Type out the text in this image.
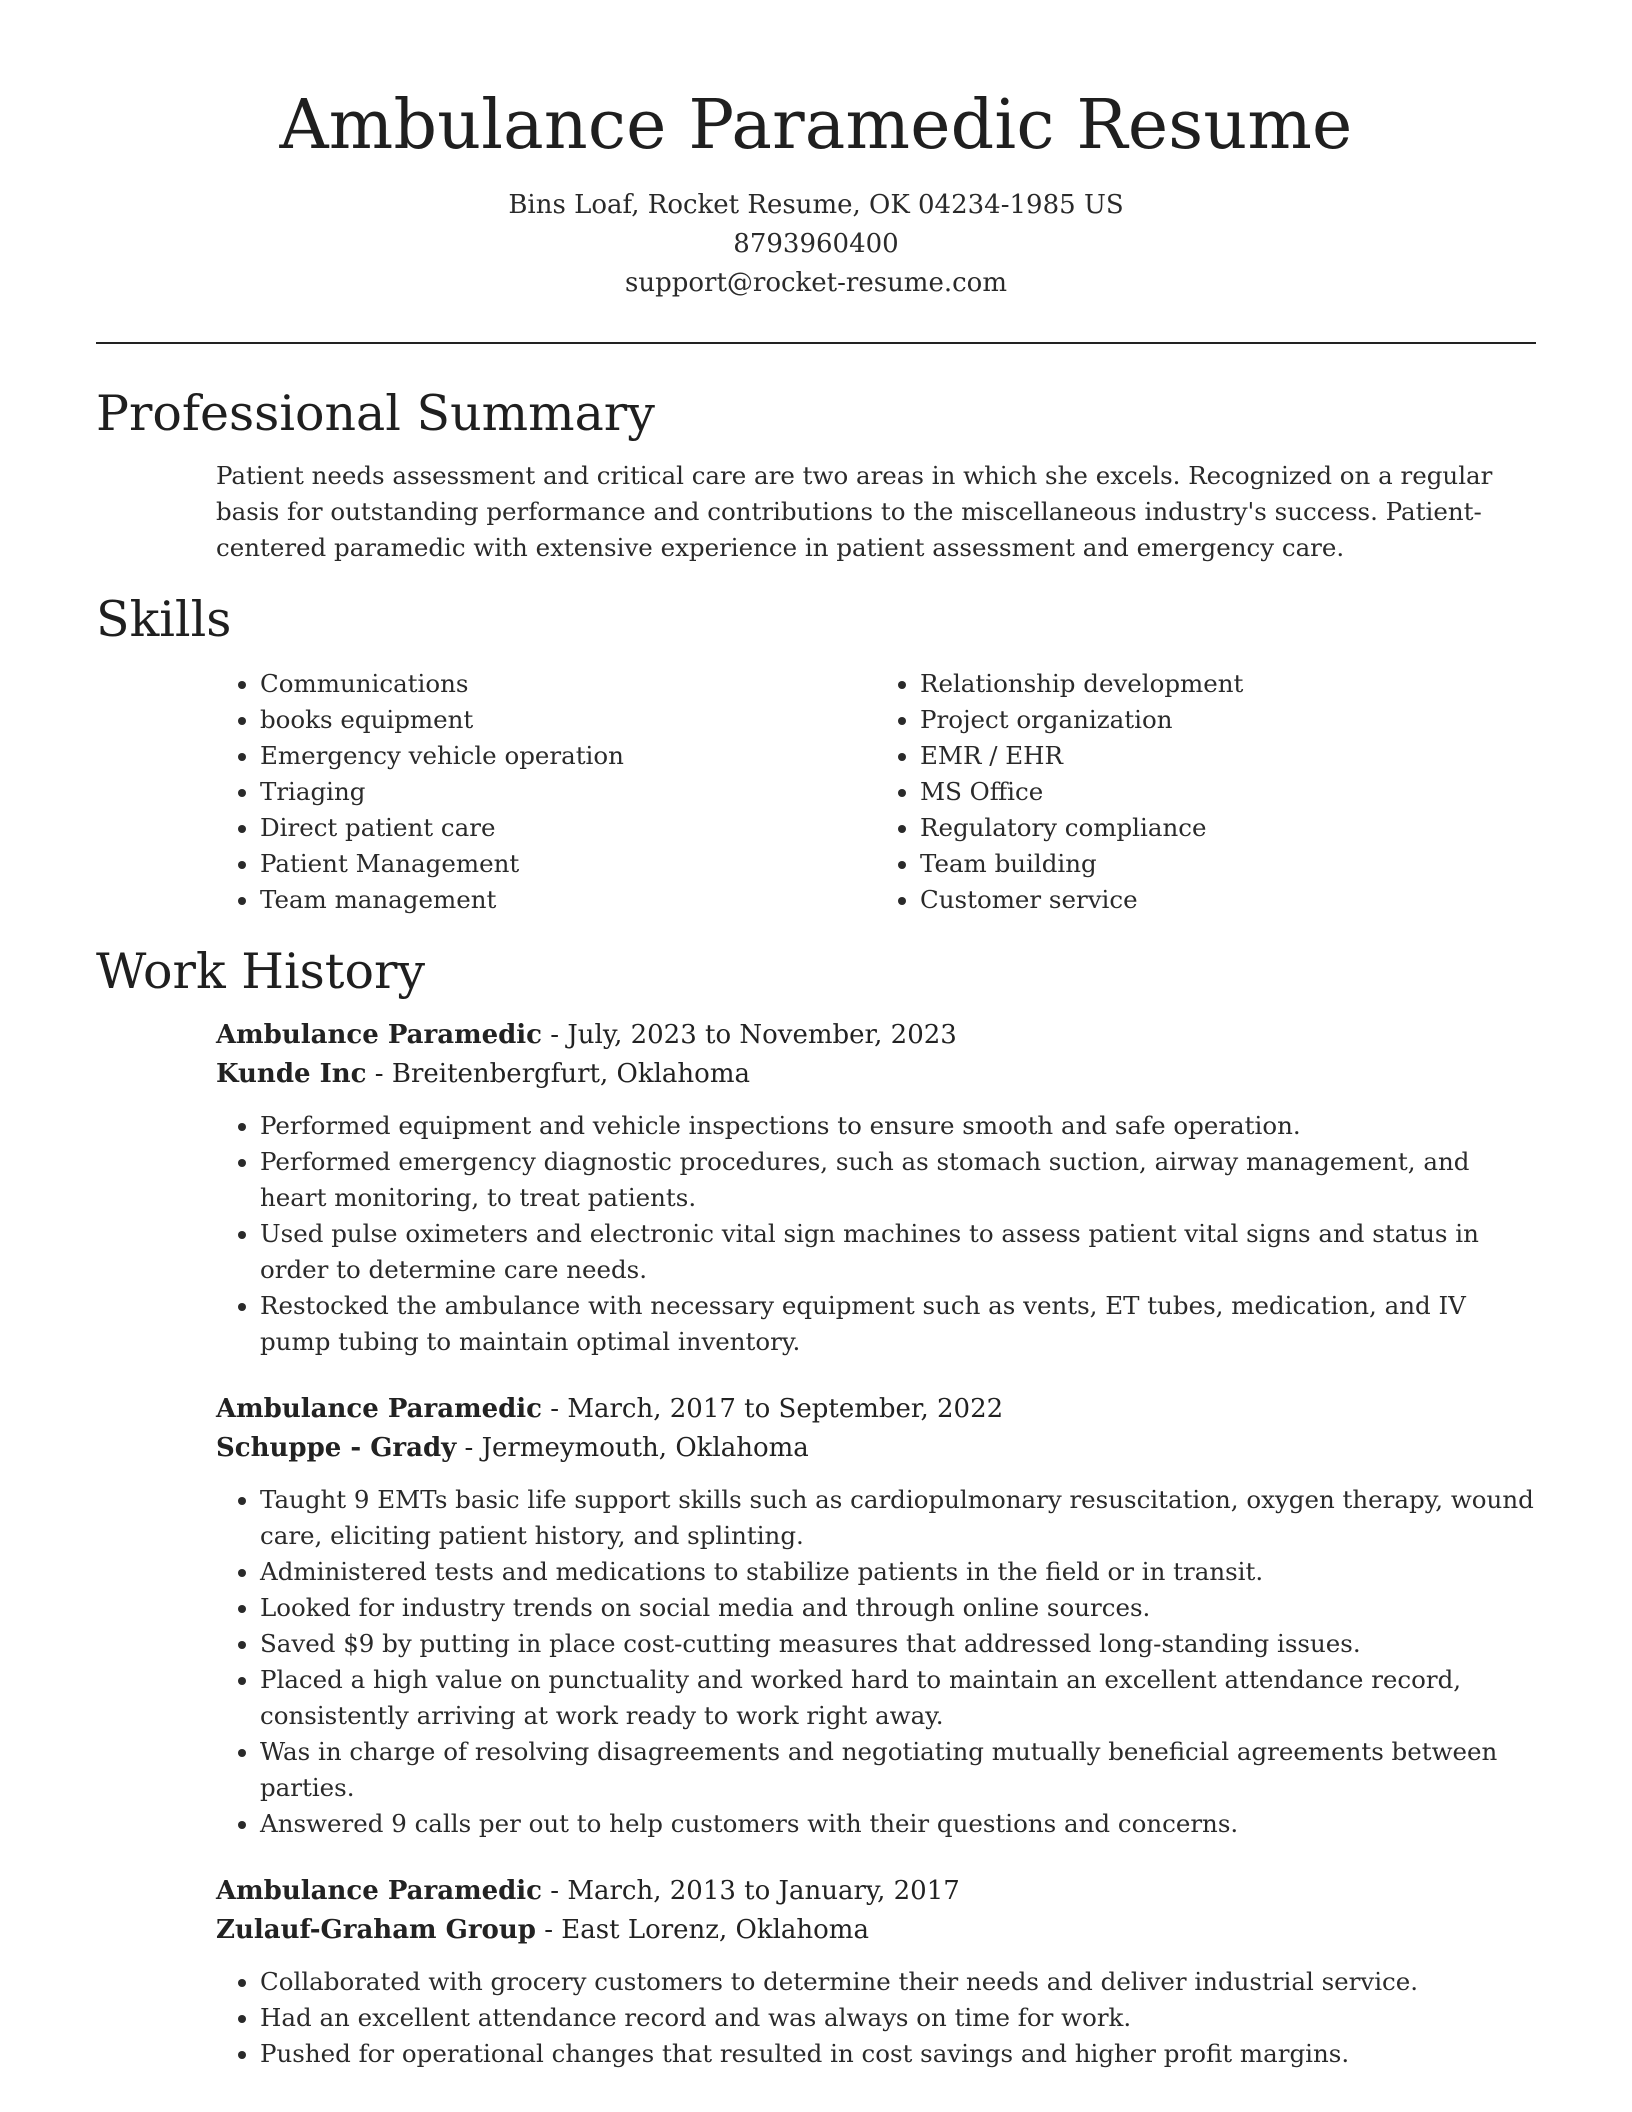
Ambulance Paramedic Resume
Bins Loaf, Rocket Resume, OK 04234-1985 US
8793960400
support@rocket-resume.com
Professional Summary
Patient needs assessment and critical care are two areas in which she excels. Recognized on a regular basis for outstanding performance and contributions to the miscellaneous industry's success. Patient-centered paramedic with extensive experience in patient assessment and emergency care.
Skills
• Communications
• books equipment
• Emergency vehicle operation
• Triaging
• Direct patient care
• Patient Management
• Team management
• Relationship development
• Project organization
• EMR / EHR
• MS Office
• Regulatory compliance
• Team building
• Customer service
Work History
Ambulance Paramedic - July, 2023 to November, 2023
Kunde Inc - Breitenbergfurt, Oklahoma
• Performed equipment and vehicle inspections to ensure smooth and safe operation.
• Performed emergency diagnostic procedures, such as stomach suction, airway management, and heart monitoring, to treat patients.
• Used pulse oximeters and electronic vital sign machines to assess patient vital signs and status in order to determine care needs.
• Restocked the ambulance with necessary equipment such as vents, ET tubes, medication, and IV pump tubing to maintain optimal inventory.
Ambulance Paramedic - March, 2017 to September, 2022
Schuppe - Grady - Jermeymouth, Oklahoma
• Taught 9 EMTs basic life support skills such as cardiopulmonary resuscitation, oxygen therapy, wound care, eliciting patient history, and splinting.
• Administered tests and medications to stabilize patients in the field or in transit.
• Looked for industry trends on social media and through online sources.
• Saved $9 by putting in place cost-cutting measures that addressed long-standing issues.
• Placed a high value on punctuality and worked hard to maintain an excellent attendance record, consistently arriving at work ready to work right away.
• Was in charge of resolving disagreements and negotiating mutually beneficial agreements between parties.
• Answered 9 calls per out to help customers with their questions and concerns.
Ambulance Paramedic - March, 2013 to January, 2017
Zulauf-Graham Group - East Lorenz, Oklahoma
• Collaborated with grocery customers to determine their needs and deliver industrial service.
• Had an excellent attendance record and was always on time for work.
• Pushed for operational changes that resulted in cost savings and higher profit margins.
